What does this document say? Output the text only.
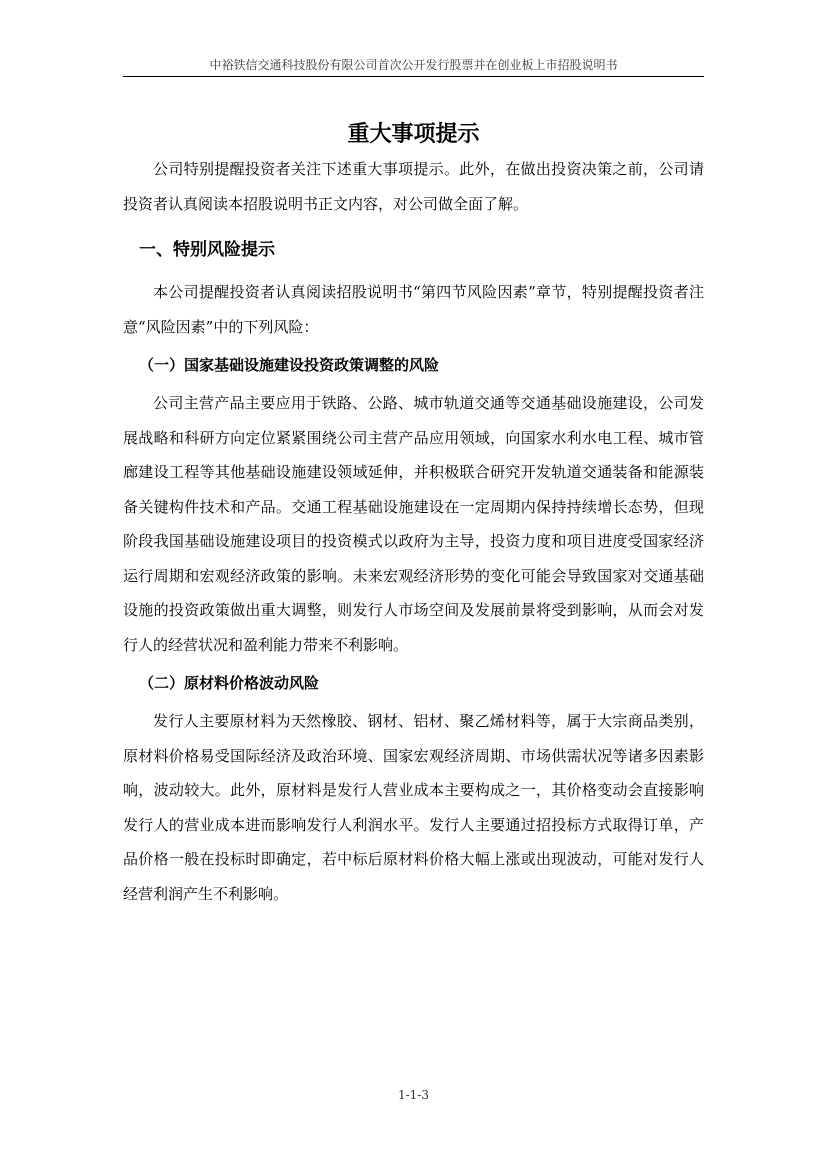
中裕铁信交通科技股份有限公司首次公开发行股票并在创业板上市招股说明书
重大事项提示

公司特别提醒投资者关注下述重大事项提示。此外，在做出投资决策之前，公司请投资者认真阅读本招股说明书正文内容，对公司做全面了解。

一、特别风险提示

本公司提醒投资者认真阅读招股说明书“第四节风险因素”章节，特别提醒投资者注意“风险因素”中的下列风险：

（一）国家基础设施建设投资政策调整的风险

公司主营产品主要应用于铁路、公路、城市轨道交通等交通基础设施建设，公司发展战略和科研方向定位紧紧围绕公司主营产品应用领域，向国家水利水电工程、城市管廊建设工程等其他基础设施建设领域延伸，并积极联合研究开发轨道交通装备和能源装备关键构件技术和产品。交通工程基础设施建设在一定周期内保持持续增长态势，但现阶段我国基础设施建设项目的投资模式以政府为主导，投资力度和项目进度受国家经济运行周期和宏观经济政策的影响。未来宏观经济形势的变化可能会导致国家对交通基础设施的投资政策做出重大调整，则发行人市场空间及发展前景将受到影响，从而会对发行人的经营状况和盈利能力带来不利影响。

（二）原材料价格波动风险

发行人主要原材料为天然橡胶、钢材、铝材、聚乙烯材料等，属于大宗商品类别，原材料价格易受国际经济及政治环境、国家宏观经济周期、市场供需状况等诸多因素影响，波动较大。此外，原材料是发行人营业成本主要构成之一，其价格变动会直接影响发行人的营业成本进而影响发行人利润水平。发行人主要通过招投标方式取得订单，产品价格一般在投标时即确定，若中标后原材料价格大幅上涨或出现波动，可能对发行人经营利润产生不利影响。

1-1-3
